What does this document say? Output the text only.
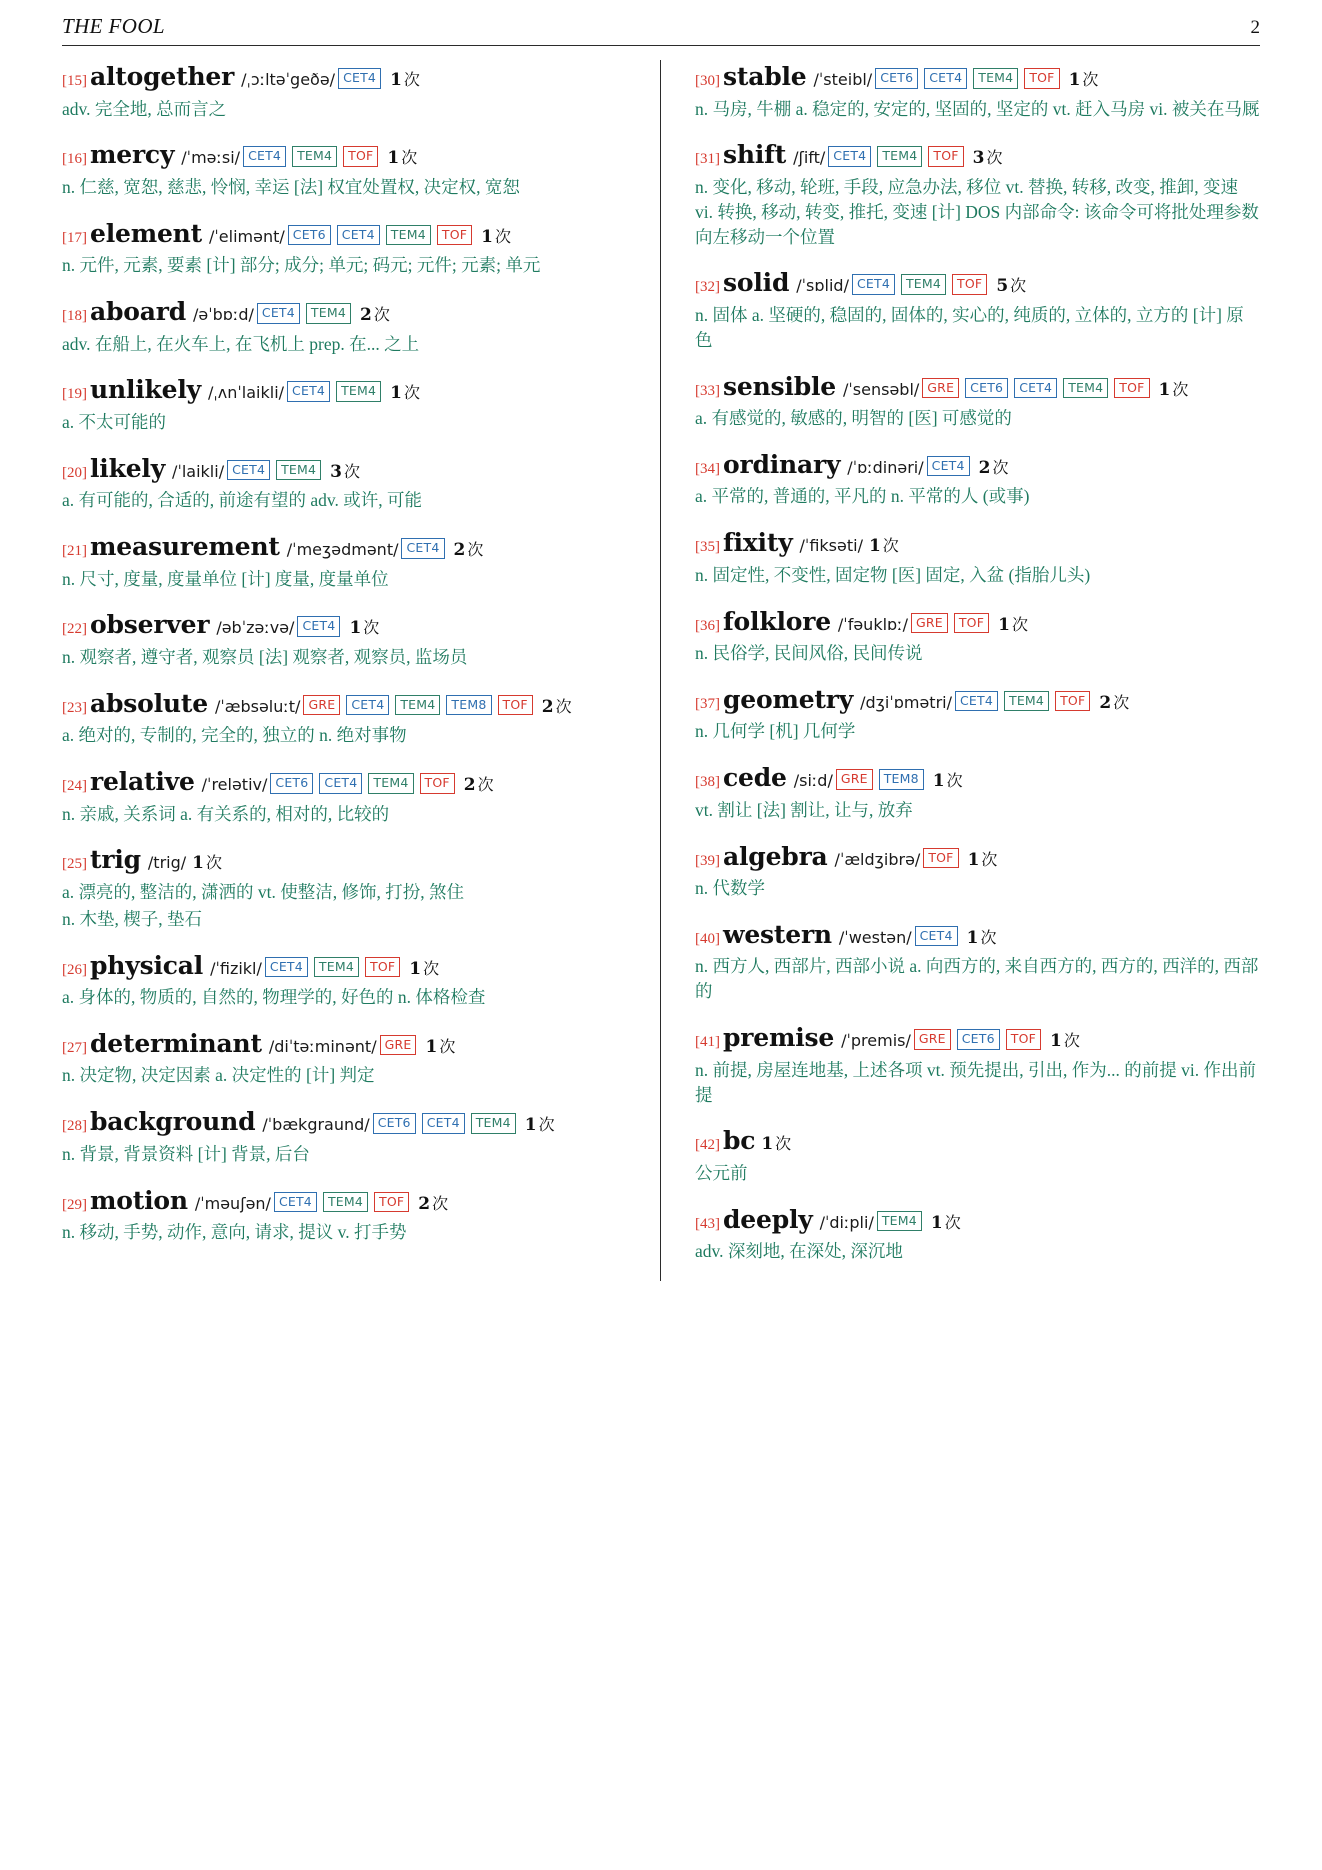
THE FOOL	2
[15] altogether /ˌɔːltəˈgeðə/ CET4 1 次
adv. 完全地, 总而言之
[16] mercy /ˈməːsi/ CET4 TEM4 TOF 1 次
n. 仁慈, 宽恕, 慈悲, 怜悯, 幸运 [法] 权宜处置权, 决定权, 宽恕
[17] element /ˈelimənt/ CET6 CET4 TEM4 TOF 1 次
n. 元件, 元素, 要素 [计] 部分; 成分; 单元; 码元; 元件; 元素; 单元
[18] aboard /əˈbɒːd/ CET4 TEM4 2 次
adv. 在船上, 在火车上, 在飞机上 prep. 在... 之上
[19] unlikely /ˌʌnˈlaikli/ CET4 TEM4 1 次
a. 不太可能的
[20] likely /ˈlaikli/ CET4 TEM4 3 次
a. 有可能的, 合适的, 前途有望的 adv. 或许, 可能
[21] measurement /ˈmeʒədmənt/ CET4 2 次
n. 尺寸, 度量, 度量单位 [计] 度量, 度量单位
[22] observer /əbˈzəːvə/ CET4 1 次
n. 观察者, 遵守者, 观察员 [法] 观察者, 观察员, 监场员
[23] absolute /ˈæbsəluːt/ GRE CET4 TEM4 TEM8 TOF 2 次
a. 绝对的, 专制的, 完全的, 独立的 n. 绝对事物
[24] relative /ˈrelətiv/ CET6 CET4 TEM4 TOF 2 次
n. 亲戚, 关系词 a. 有关系的, 相对的, 比较的
[25] trig /trig/ 1 次
a. 漂亮的, 整洁的, 潇洒的 vt. 使整洁, 修饰, 打扮, 煞住
n. 木垫, 楔子, 垫石
[26] physical /ˈfizikl/ CET4 TEM4 TOF 1 次
a. 身体的, 物质的, 自然的, 物理学的, 好色的 n. 体格检查
[27] determinant /diˈtəːminənt/ GRE 1 次
n. 决定物, 决定因素 a. 决定性的 [计] 判定
[28] background /ˈbækgraund/ CET6 CET4 TEM4 1 次
n. 背景, 背景资料 [计] 背景, 后台
[29] motion /ˈməuʃən/ CET4 TEM4 TOF 2 次
n. 移动, 手势, 动作, 意向, 请求, 提议 v. 打手势
[30] stable /ˈsteibl/ CET6 CET4 TEM4 TOF 1 次
n. 马房, 牛棚 a. 稳定的, 安定的, 坚固的, 坚定的 vt. 赶入马房 vi. 被关在马厩
[31] shift /ʃift/ CET4 TEM4 TOF 3 次
n. 变化, 移动, 轮班, 手段, 应急办法, 移位 vt. 替换, 转移, 改变, 推卸, 变速 vi. 转换, 移动, 转变, 推托, 变速 [计] DOS 内部命令: 该命令可将批处理参数向左移动一个位置
[32] solid /ˈsɒlid/ CET4 TEM4 TOF 5 次
n. 固体 a. 坚硬的, 稳固的, 固体的, 实心的, 纯质的, 立体的, 立方的 [计] 原色
[33] sensible /ˈsensəbl/ GRE CET6 CET4 TEM4 TOF 1 次
a. 有感觉的, 敏感的, 明智的 [医] 可感觉的
[34] ordinary /ˈɒːdinəri/ CET4 2 次
a. 平常的, 普通的, 平凡的 n. 平常的人 (或事)
[35] fixity /ˈfiksəti/ 1 次
n. 固定性, 不变性, 固定物 [医] 固定, 入盆 (指胎儿头)
[36] folklore /ˈfəuklɒː/ GRE TOF 1 次
n. 民俗学, 民间风俗, 民间传说
[37] geometry /dʒiˈɒmətri/ CET4 TEM4 TOF 2 次
n. 几何学 [机] 几何学
[38] cede /siːd/ GRE TEM8 1 次
vt. 割让 [法] 割让, 让与, 放弃
[39] algebra /ˈældʒibrə/ TOF 1 次
n. 代数学
[40] western /ˈwestən/ CET4 1 次
n. 西方人, 西部片, 西部小说 a. 向西方的, 来自西方的, 西方的, 西洋的, 西部的
[41] premise /ˈpremis/ GRE CET6 TOF 1 次
n. 前提, 房屋连地基, 上述各项 vt. 预先提出, 引出, 作为... 的前提 vi. 作出前提
[42] bc 1 次
公元前
[43] deeply /ˈdiːpli/ TEM4 1 次
adv. 深刻地, 在深处, 深沉地
